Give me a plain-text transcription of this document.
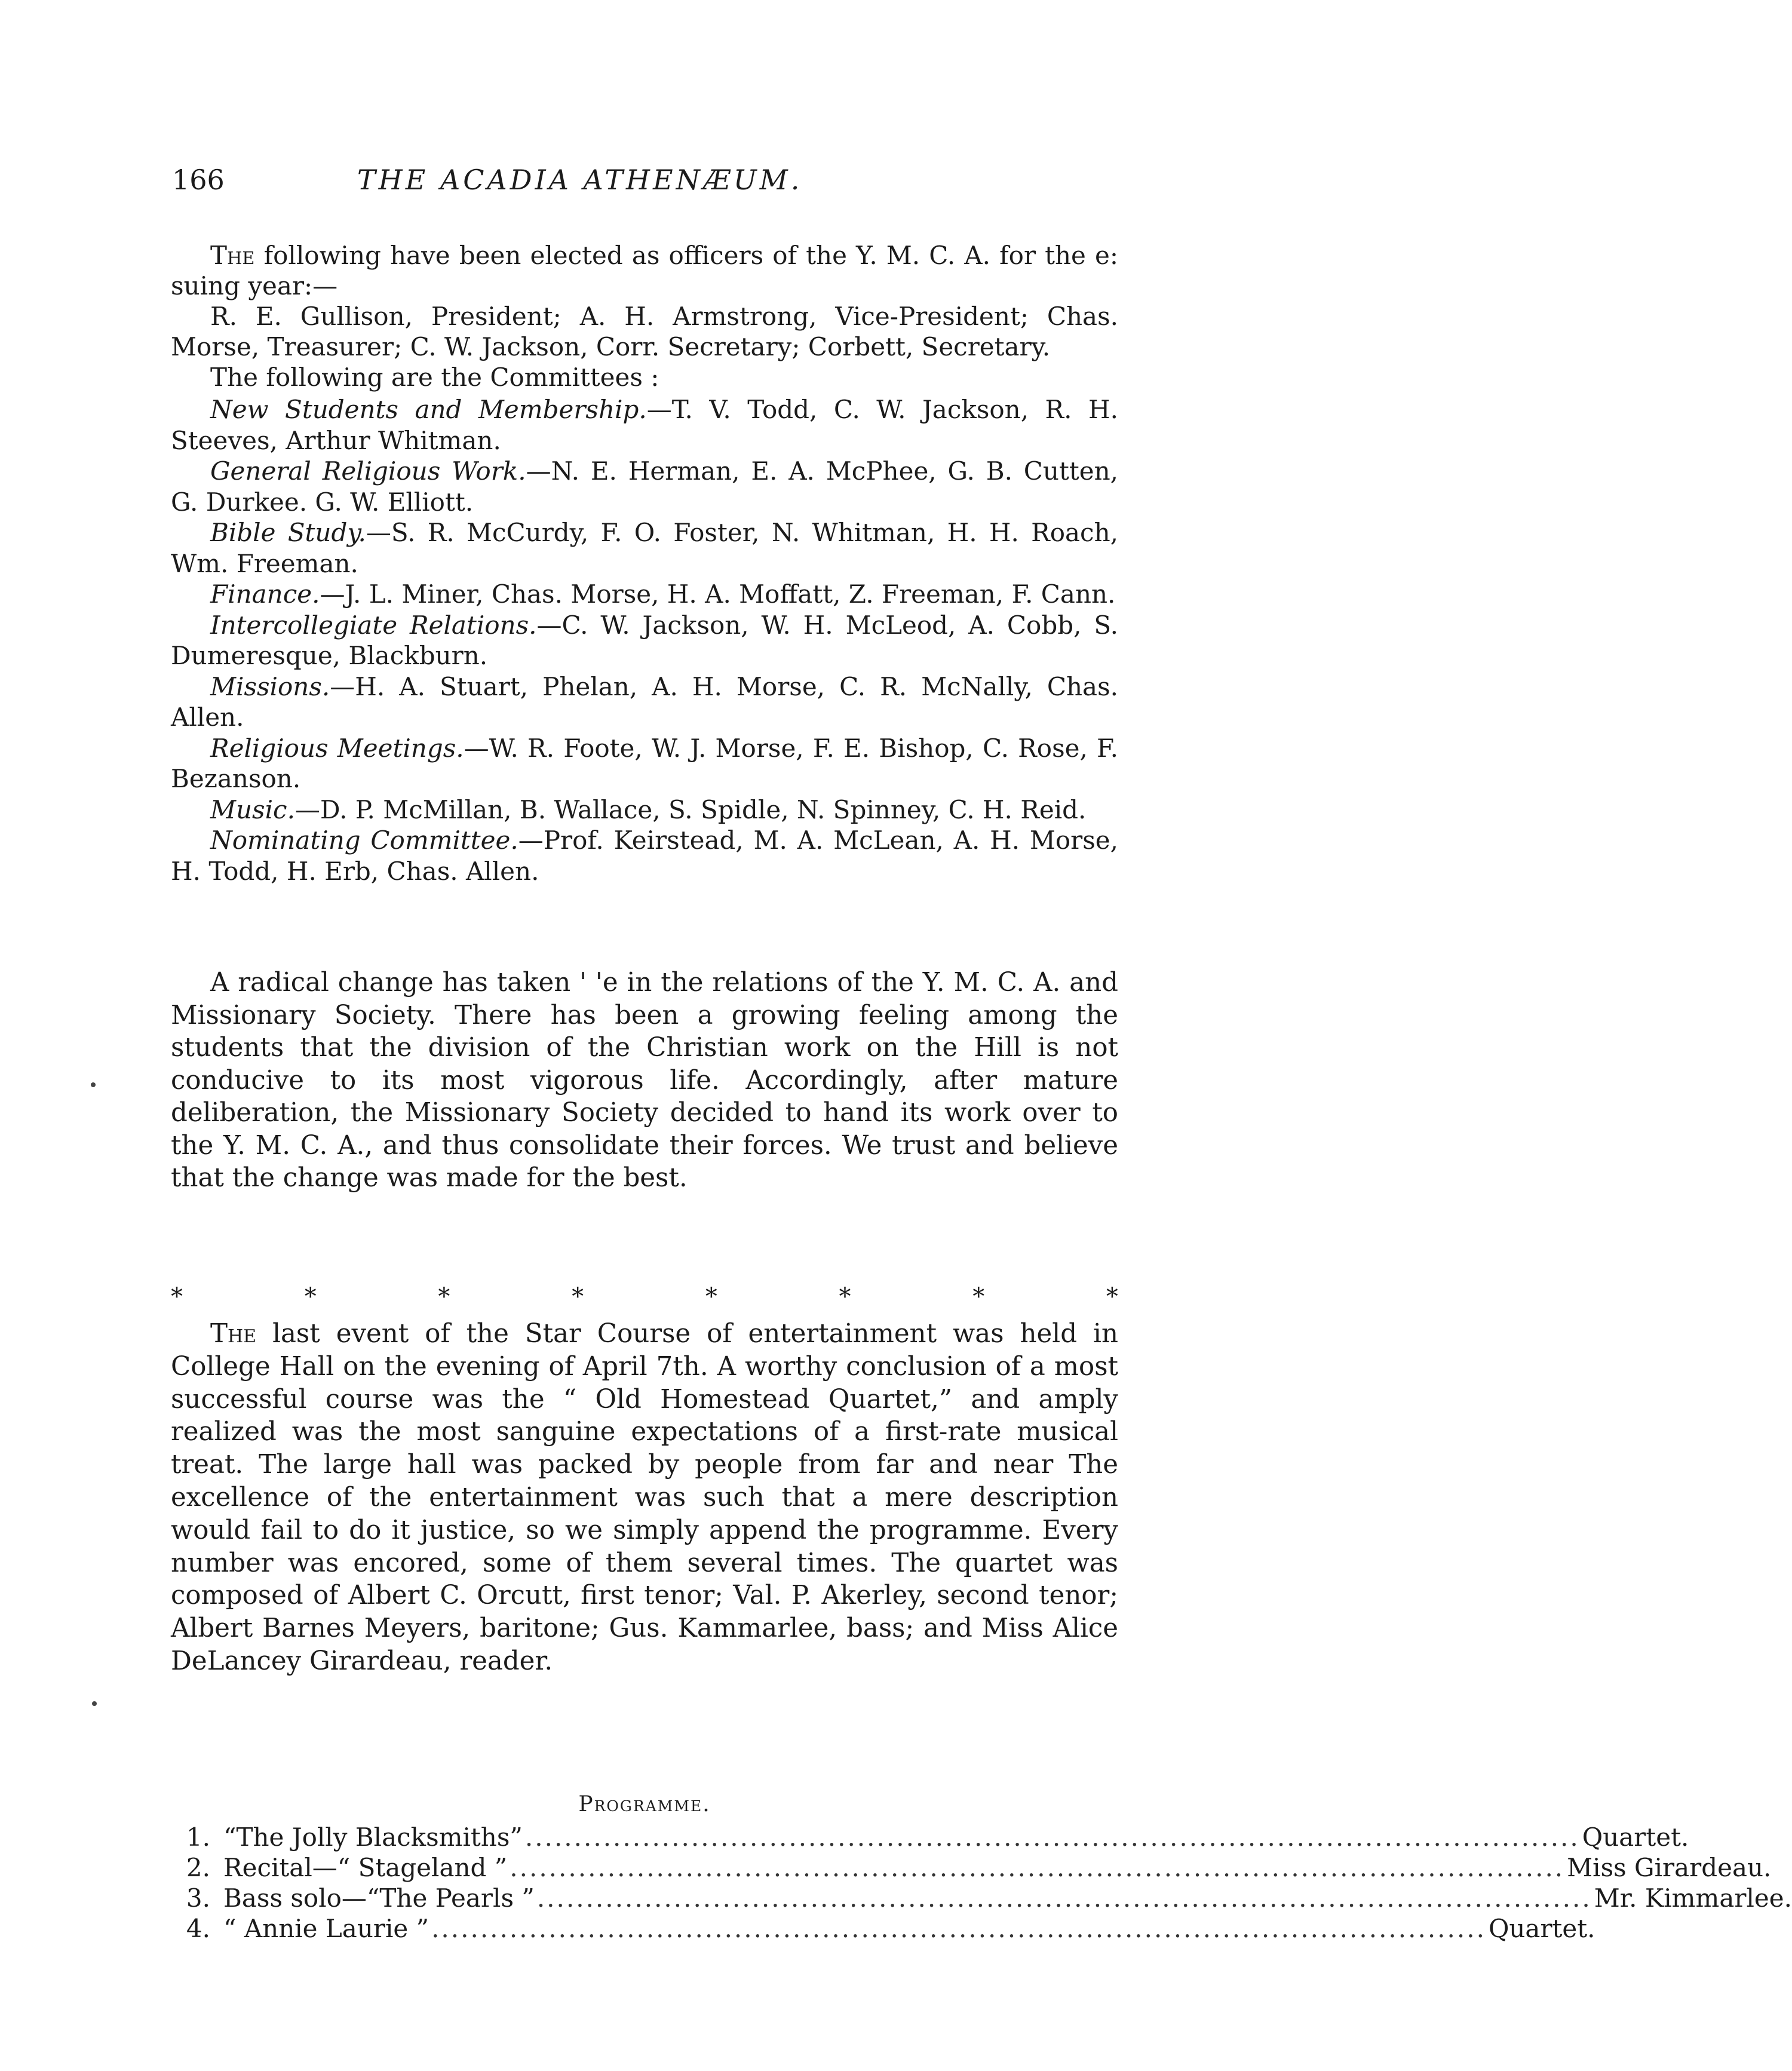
166	THE ACADIA ATHENÆUM.

The following have been elected as officers of the Y. M. C. A. for the e: suing year:—

R. E. Gullison, President; A. H. Armstrong, Vice-President; Chas. Morse, Treasurer; C. W. Jackson, Corr. Secretary; Corbett, Secretary.

The following are the Committees :

New Students and Membership.—T. V. Todd, C. W. Jackson, R. H. Steeves, Arthur Whitman.

General Religious Work.—N. E. Herman, E. A. McPhee, G. B. Cutten, G. Durkee. G. W. Elliott.

Bible Study.—S. R. McCurdy, F. O. Foster, N. Whitman, H. H. Roach, Wm. Freeman.

Finance.—J. L. Miner, Chas. Morse, H. A. Moffatt, Z. Freeman, F. Cann.

Intercollegiate Relations.—C. W. Jackson, W. H. McLeod, A. Cobb, S. Dumeresque, Blackburn.

Missions.—H. A. Stuart, Phelan, A. H. Morse, C. R. McNally, Chas. Allen.

Religious Meetings.—W. R. Foote, W. J. Morse, F. E. Bishop, C. Rose, F. Bezanson.

Music.—D. P. McMillan, B. Wallace, S. Spidle, N. Spinney, C. H. Reid.

Nominating Committee.—Prof. Keirstead, M. A. McLean, A. H. Morse, H. Todd, H. Erb, Chas. Allen.

A radical change has taken ' 'e in the relations of the Y. M. C. A. and Missionary Society. There has been a growing feeling among the students that the division of the Christian work on the Hill is not conducive to its most vigorous life. Accordingly, after mature deliberation, the Missionary Society decided to hand its work over to the Y. M. C. A., and thus consolidate their forces. We trust and believe that the change was made for the best.

*	*	*	*	*	*	*	*

The last event of the Star Course of entertainment was held in College Hall on the evening of April 7th. A worthy conclusion of a most successful course was the “ Old Homestead Quartet,” and amply realized was the most sanguine expectations of a first-rate musical treat. The large hall was packed by people from far and near The excellence of the entertainment was such that a mere description would fail to do it justice, so we simply append the programme. Every number was encored, some of them several times. The quartet was composed of Albert C. Orcutt, first tenor; Val. P. Akerley, second tenor; Albert Barnes Meyers, baritone; Gus. Kammarlee, bass; and Miss Alice DeLancey Girardeau, reader.

Programme.
1. “The Jolly Blacksmiths” ............................................................................................................ Quartet.
2. Recital—“ Stageland ” ............................................................................................................ Miss Girardeau.
3. Bass solo—“The Pearls ” ............................................................................................................ Mr. Kimmarlee.
4. “ Annie Laurie ” ............................................................................................................ Quartet.
